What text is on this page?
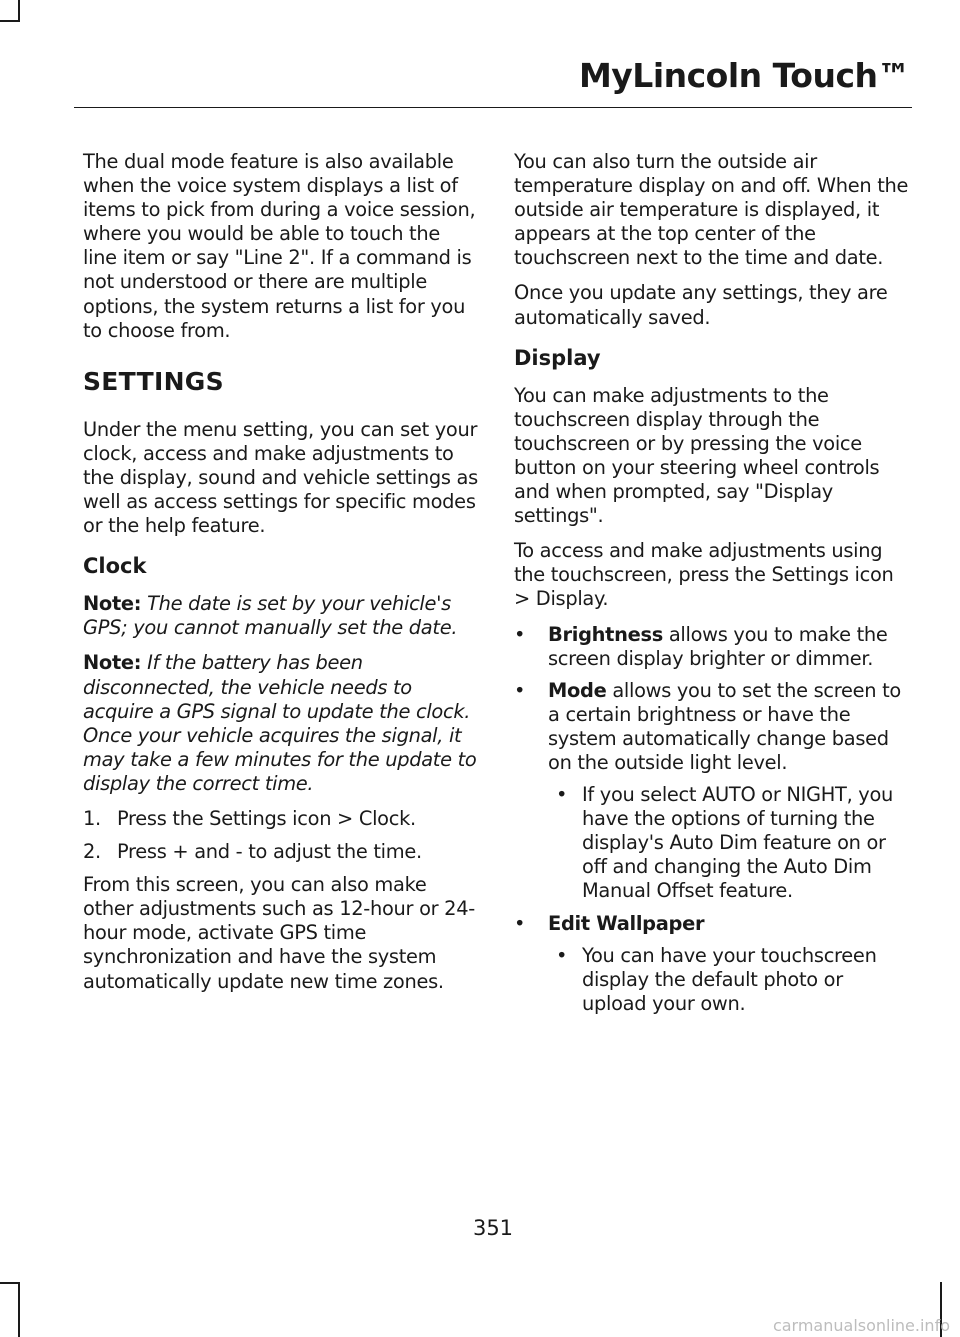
MyLincoln Touch™

The dual mode feature is also available when the voice system displays a list of items to pick from during a voice session, where you would be able to touch the line item or say "Line 2". If a command is not understood or there are multiple options, the system returns a list for you to choose from.

SETTINGS

Under the menu setting, you can set your clock, access and make adjustments to the display, sound and vehicle settings as well as access settings for specific modes or the help feature.

Clock

Note: The date is set by your vehicle's GPS; you cannot manually set the date.

Note: If the battery has been disconnected, the vehicle needs to acquire a GPS signal to update the clock. Once your vehicle acquires the signal, it may take a few minutes for the update to display the correct time.

1. Press the Settings icon > Clock.
2. Press + and - to adjust the time.

From this screen, you can also make other adjustments such as 12-hour or 24-hour mode, activate GPS time synchronization and have the system automatically update new time zones.

You can also turn the outside air temperature display on and off. When the outside air temperature is displayed, it appears at the top center of the touchscreen next to the time and date.

Once you update any settings, they are automatically saved.

Display

You can make adjustments to the touchscreen display through the touchscreen or by pressing the voice button on your steering wheel controls and when prompted, say "Display settings".

To access and make adjustments using the touchscreen, press the Settings icon > Display.

• Brightness allows you to make the screen display brighter or dimmer.
• Mode allows you to set the screen to a certain brightness or have the system automatically change based on the outside light level.
• If you select AUTO or NIGHT, you have the options of turning the display's Auto Dim feature on or off and changing the Auto Dim Manual Offset feature.
• Edit Wallpaper
• You can have your touchscreen display the default photo or upload your own.
351
carmanualsonline.info
